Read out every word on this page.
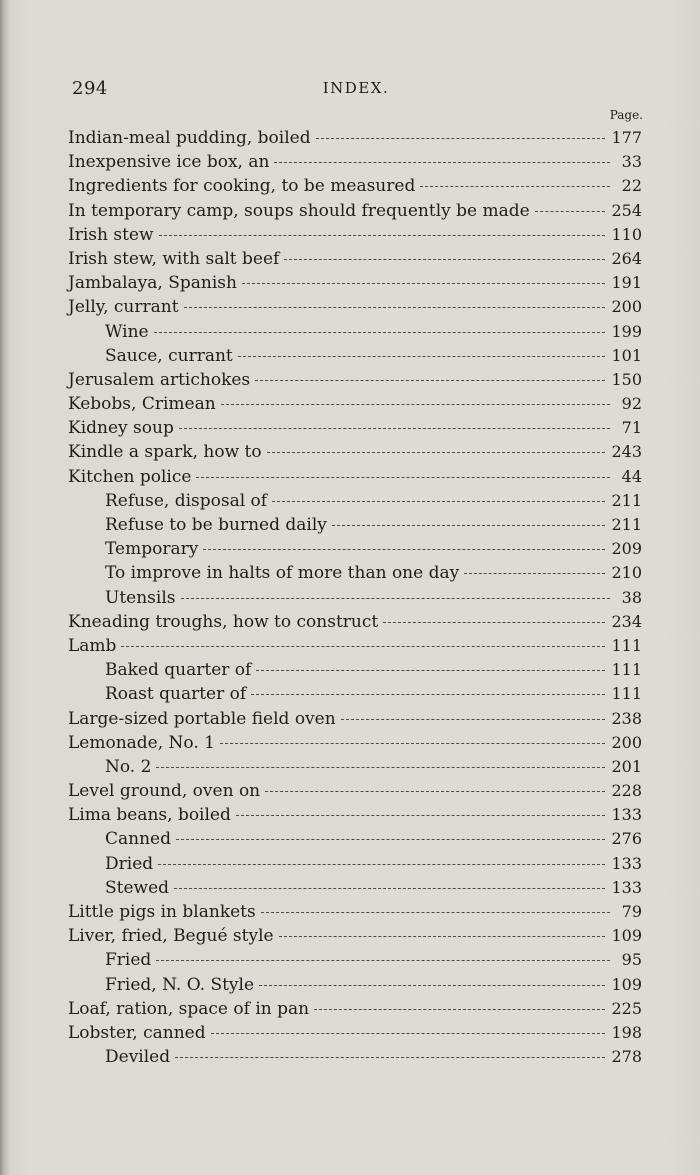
294	INDEX.
Page.
Indian-meal pudding, boiled	177
Inexpensive ice box, an	33
Ingredients for cooking, to be measured	22
In temporary camp, soups should frequently be made	254
Irish stew	110
Irish stew, with salt beef	264
Jambalaya, Spanish	191
Jelly, currant	200
Wine	199
Sauce, currant	101
Jerusalem artichokes	150
Kebobs, Crimean	92
Kidney soup	71
Kindle a spark, how to	243
Kitchen police	44
Refuse, disposal of	211
Refuse to be burned daily	211
Temporary	209
To improve in halts of more than one day	210
Utensils	38
Kneading troughs, how to construct	234
Lamb	111
Baked quarter of	111
Roast quarter of	111
Large-sized portable field oven	238
Lemonade, No. 1	200
No. 2	201
Level ground, oven on	228
Lima beans, boiled	133
Canned	276
Dried	133
Stewed	133
Little pigs in blankets	79
Liver, fried, Begué style	109
Fried	95
Fried, N. O. Style	109
Loaf, ration, space of in pan	225
Lobster, canned	198
Deviled	278
